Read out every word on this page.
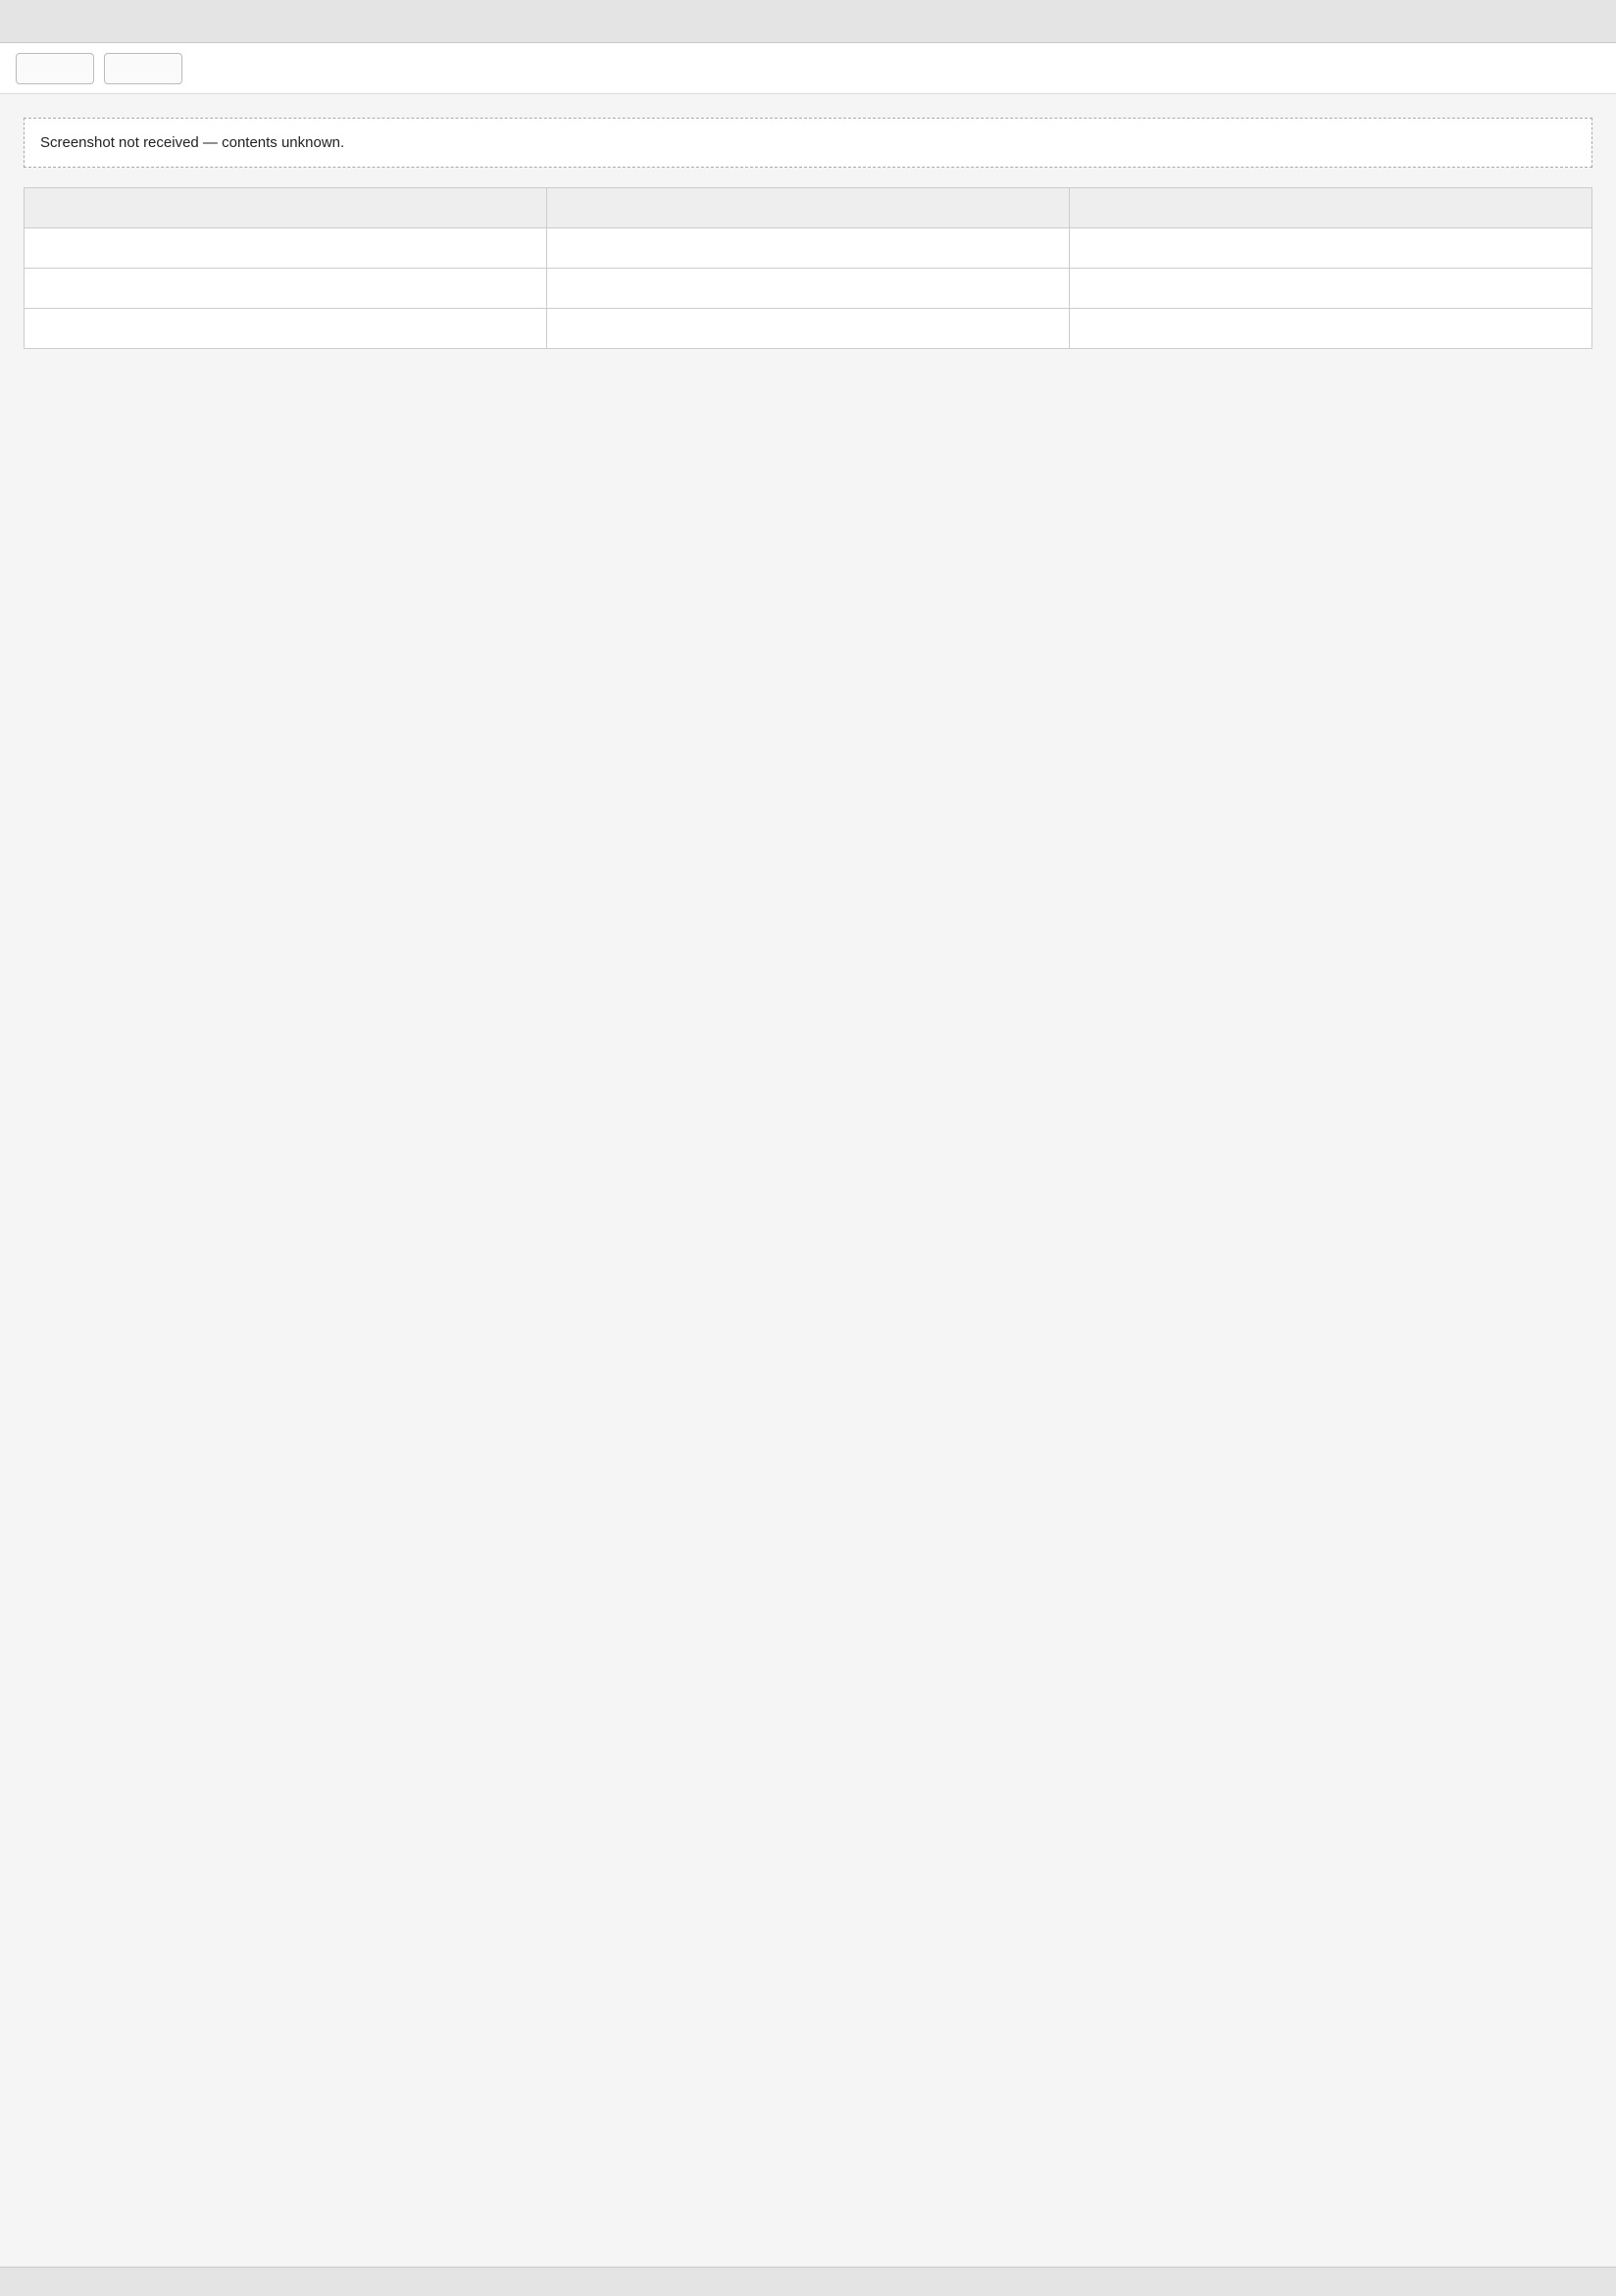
Screenshot not received — contents unknown.
